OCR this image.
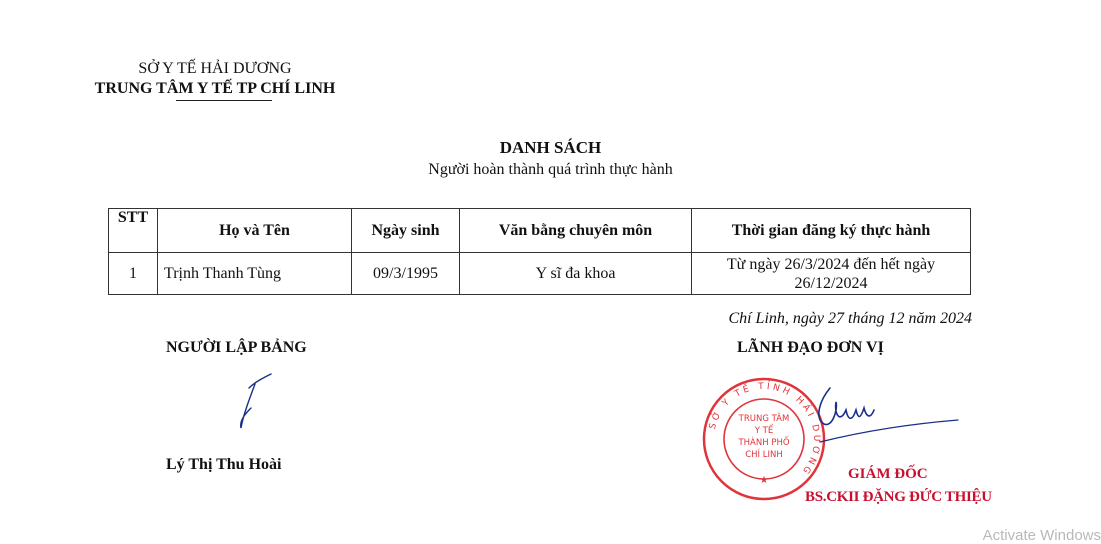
SỞ Y TẾ HẢI DƯƠNG
TRUNG TÂM Y TẾ TP CHÍ LINH
DANH SÁCH
Người hoàn thành quá trình thực hành
STT	Họ và Tên	Ngày sinh	Văn bằng chuyên môn	Thời gian đăng ký thực hành
1	Trịnh Thanh Tùng	09/3/1995	Y sĩ đa khoa	Từ ngày 26/3/2024 đến hết ngày
26/12/2024
Chí Linh, ngày 27 tháng 12 năm 2024
NGƯỜI LẬP BẢNG	LÃNH ĐẠO ĐƠN VỊ
Lý Thị Thu Hoài
SỞ Y TẾ TỈNH HẢI DƯƠNG
★
TRUNG TÂM
Y TẾ
THÀNH PHỐ
CHÍ LINH
GIÁM ĐỐC
BS.CKII ĐẶNG ĐỨC THIỆU
Activate Windows
